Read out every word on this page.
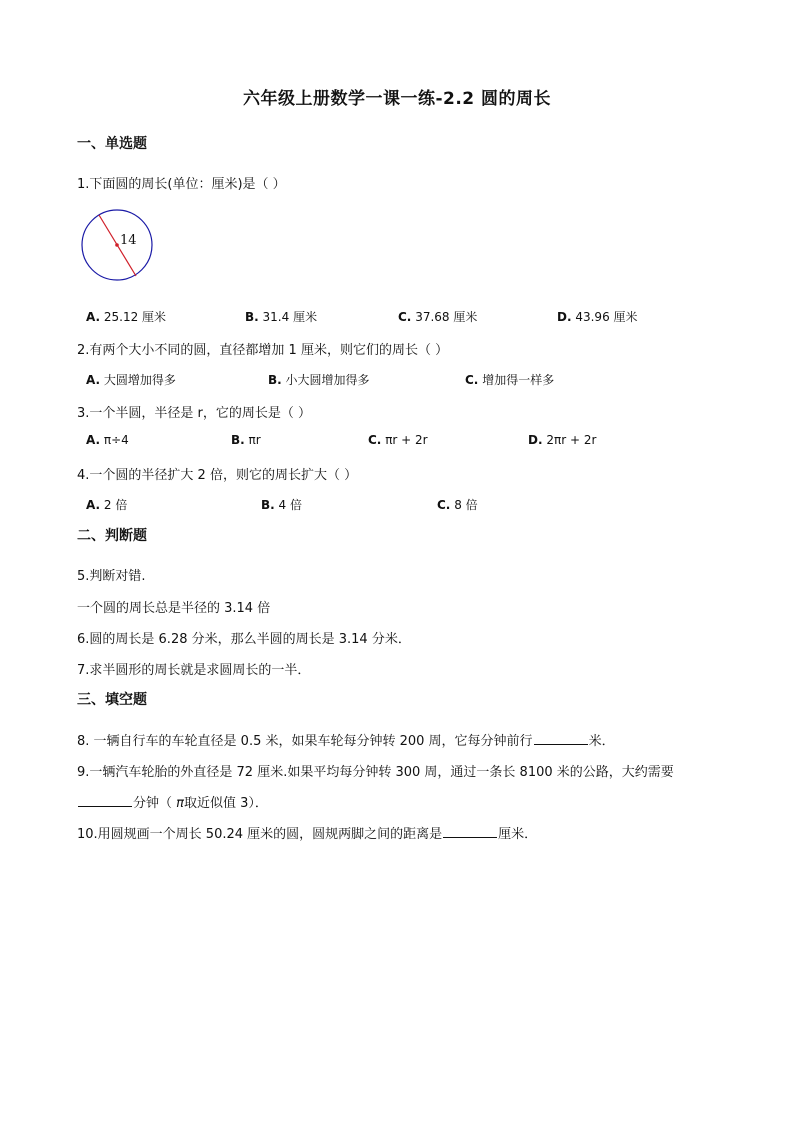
六年级上册数学一课一练-2.2 圆的周长
一、单选题
1.下面圆的周长(单位：厘米)是（ ）
14
A. 25.12 厘米	B. 31.4 厘米	C. 37.68 厘米	D. 43.96 厘米
2.有两个大小不同的圆，直径都增加 1 厘米，则它们的周长（ ）
A. 大圆增加得多	B. 小大圆增加得多	C. 增加得一样多
3.一个半圆，半径是 r，它的周长是（ ）
A. π÷4	B. πr	C. πr + 2r	D. 2πr + 2r
4.一个圆的半径扩大 2 倍，则它的周长扩大（ ）
A. 2 倍	B. 4 倍	C. 8 倍
二、判断题
5.判断对错.
一个圆的周长总是半径的 3.14 倍
6.圆的周长是 6.28 分米，那么半圆的周长是 3.14 分米．
7.求半圆形的周长就是求圆周长的一半．
三、填空题
8. 一辆自行车的车轮直径是 0.5 米，如果车轮每分钟转 200 周，它每分钟前行	米．
9.一辆汽车轮胎的外直径是 72 厘米.如果平均每分钟转 300 周，通过一条长 8100 米的公路，大约需要
分钟（ π取近似值 3）．
10.用圆规画一个周长 50.24 厘米的圆，圆规两脚之间的距离是	厘米．
